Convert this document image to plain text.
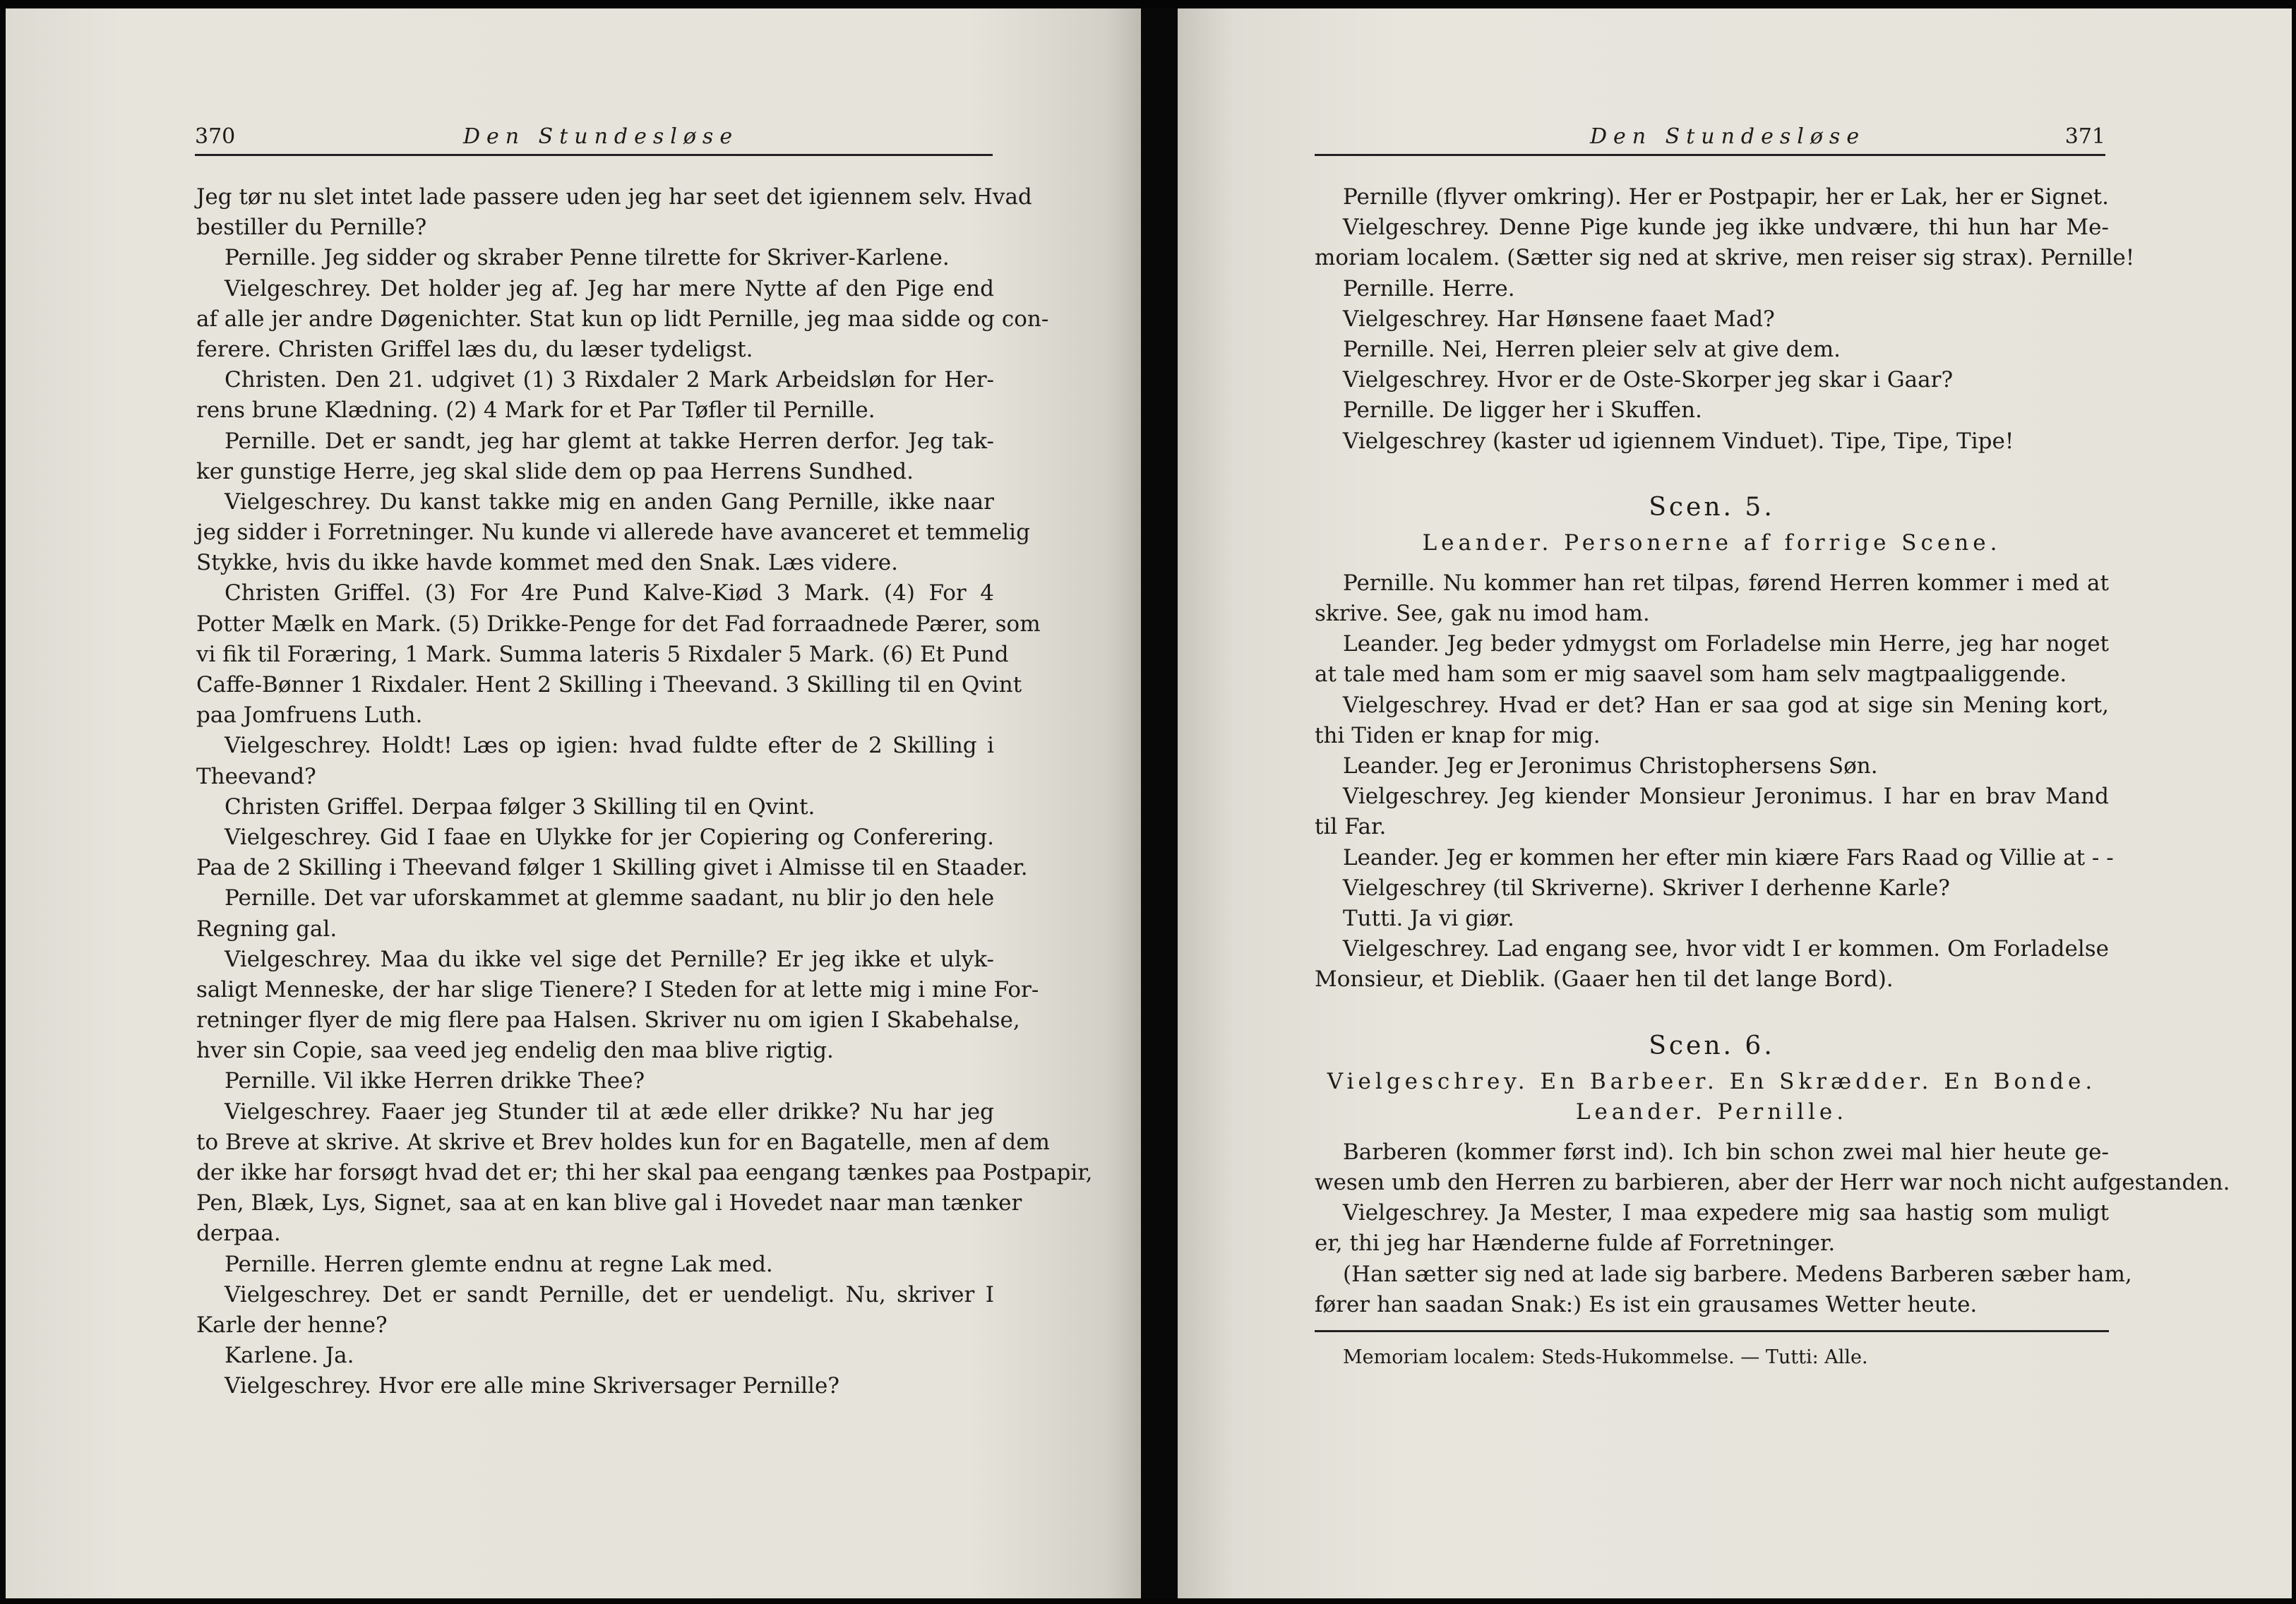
370	Den Stundesløse
Jeg tør nu slet intet lade passere uden jeg har seet det igiennem selv. Hvad
bestiller du Pernille?
Pernille. Jeg sidder og skraber Penne tilrette for Skriver-Karlene.
Vielgeschrey. Det holder jeg af. Jeg har mere Nytte af den Pige end
af alle jer andre Døgenichter. Stat kun op lidt Pernille, jeg maa sidde og con-
ferere. Christen Griffel læs du, du læser tydeligst.
Christen. Den 21. udgivet (1) 3 Rixdaler 2 Mark Arbeidsløn for Her-
rens brune Klædning. (2) 4 Mark for et Par Tøfler til Pernille.
Pernille. Det er sandt, jeg har glemt at takke Herren derfor. Jeg tak-
ker gunstige Herre, jeg skal slide dem op paa Herrens Sundhed.
Vielgeschrey. Du kanst takke mig en anden Gang Pernille, ikke naar
jeg sidder i Forretninger. Nu kunde vi allerede have avanceret et temmelig
Stykke, hvis du ikke havde kommet med den Snak. Læs videre.
Christen Griffel. (3) For 4re Pund Kalve-Kiød 3 Mark. (4) For 4
Potter Mælk en Mark. (5) Drikke-Penge for det Fad forraadnede Pærer, som
vi fik til Foræring, 1 Mark. Summa lateris 5 Rixdaler 5 Mark. (6) Et Pund
Caffe-Bønner 1 Rixdaler. Hent 2 Skilling i Theevand. 3 Skilling til en Qvint
paa Jomfruens Luth.
Vielgeschrey. Holdt! Læs op igien: hvad fuldte efter de 2 Skilling i
Theevand?
Christen Griffel. Derpaa følger 3 Skilling til en Qvint.
Vielgeschrey. Gid I faae en Ulykke for jer Copiering og Conferering.
Paa de 2 Skilling i Theevand følger 1 Skilling givet i Almisse til en Staader.
Pernille. Det var uforskammet at glemme saadant, nu blir jo den hele
Regning gal.
Vielgeschrey. Maa du ikke vel sige det Pernille? Er jeg ikke et ulyk-
saligt Menneske, der har slige Tienere? I Steden for at lette mig i mine For-
retninger flyer de mig flere paa Halsen. Skriver nu om igien I Skabehalse,
hver sin Copie, saa veed jeg endelig den maa blive rigtig.
Pernille. Vil ikke Herren drikke Thee?
Vielgeschrey. Faaer jeg Stunder til at æde eller drikke? Nu har jeg
to Breve at skrive. At skrive et Brev holdes kun for en Bagatelle, men af dem
der ikke har forsøgt hvad det er; thi her skal paa eengang tænkes paa Postpapir,
Pen, Blæk, Lys, Signet, saa at en kan blive gal i Hovedet naar man tænker
derpaa.
Pernille. Herren glemte endnu at regne Lak med.
Vielgeschrey. Det er sandt Pernille, det er uendeligt. Nu, skriver I
Karle der henne?
Karlene. Ja.
Vielgeschrey. Hvor ere alle mine Skriversager Pernille?
Den Stundesløse	371
Pernille (flyver omkring). Her er Postpapir, her er Lak, her er Signet.
Vielgeschrey. Denne Pige kunde jeg ikke undvære, thi hun har Me-
moriam localem. (Sætter sig ned at skrive, men reiser sig strax). Pernille!
Pernille. Herre.
Vielgeschrey. Har Hønsene faaet Mad?
Pernille. Nei, Herren pleier selv at give dem.
Vielgeschrey. Hvor er de Oste-Skorper jeg skar i Gaar?
Pernille. De ligger her i Skuffen.
Vielgeschrey (kaster ud igiennem Vinduet). Tipe, Tipe, Tipe!
Scen. 5.
Leander. Personerne af forrige Scene.
Pernille. Nu kommer han ret tilpas, førend Herren kommer i med at
skrive. See, gak nu imod ham.
Leander. Jeg beder ydmygst om Forladelse min Herre, jeg har noget
at tale med ham som er mig saavel som ham selv magtpaaliggende.
Vielgeschrey. Hvad er det? Han er saa god at sige sin Mening kort,
thi Tiden er knap for mig.
Leander. Jeg er Jeronimus Christophersens Søn.
Vielgeschrey. Jeg kiender Monsieur Jeronimus. I har en brav Mand
til Far.
Leander. Jeg er kommen her efter min kiære Fars Raad og Villie at - -
Vielgeschrey (til Skriverne). Skriver I derhenne Karle?
Tutti. Ja vi giør.
Vielgeschrey. Lad engang see, hvor vidt I er kommen. Om Forladelse
Monsieur, et Dieblik. (Gaaer hen til det lange Bord).
Scen. 6.
Vielgeschrey. En Barbeer. En Skrædder. En Bonde.
Leander. Pernille.
Barberen (kommer først ind). Ich bin schon zwei mal hier heute ge-
wesen umb den Herren zu barbieren, aber der Herr war noch nicht aufgestanden.
Vielgeschrey. Ja Mester, I maa expedere mig saa hastig som muligt
er, thi jeg har Hænderne fulde af Forretninger.
(Han sætter sig ned at lade sig barbere. Medens Barberen sæber ham,
fører han saadan Snak:) Es ist ein grausames Wetter heute.
Memoriam localem: Steds-Hukommelse. — Tutti: Alle.
